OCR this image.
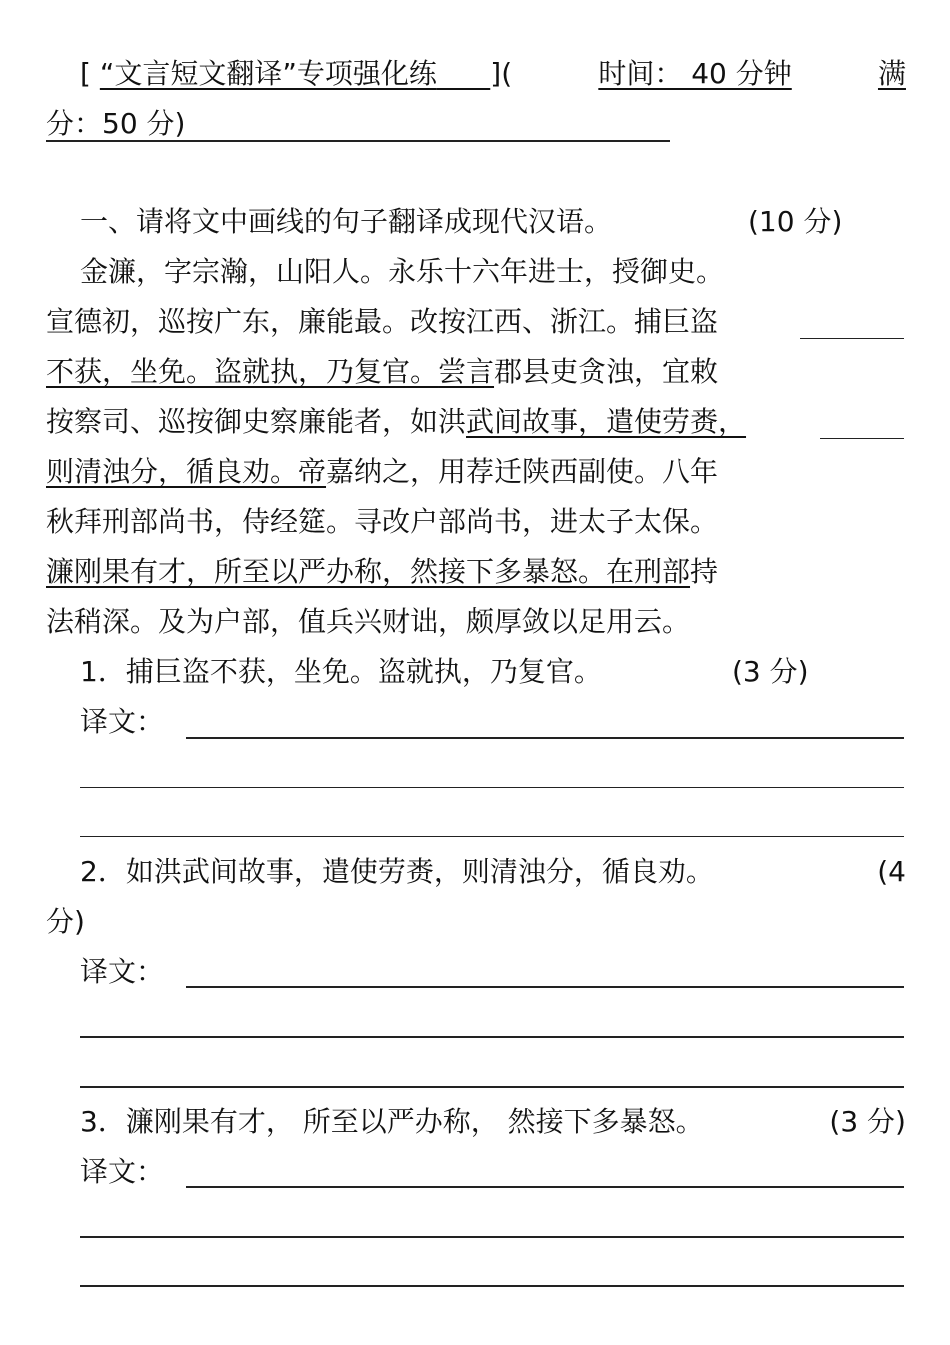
[ “文言短文翻译”专项强化练 ](	时间： 40 分钟	满
分：50 分)
一、请将文中画线的句子翻译成现代汉语。	(10 分)
金濂，字宗瀚，山阳人。永乐十六年进士，授御史。
宣德初，巡按广东，廉能最。改按江西、浙江。捕巨盗
不获，坐免。盗就执，乃复官。尝言郡县吏贪浊，宜敕
按察司、巡按御史察廉能者，如洪武间故事，遣使劳赉，
则清浊分，循良劝。帝嘉纳之，用荐迁陕西副使。八年
秋拜刑部尚书，侍经筵。寻改户部尚书，进太子太保。
濂刚果有才，所至以严办称，然接下多暴怒。在刑部持
法稍深。及为户部，值兵兴财诎，颇厚敛以足用云。
1．捕巨盗不获，坐免。盗就执，乃复官。	(3 分)
译文：
2．如洪武间故事，遣使劳赉，则清浊分，循良劝。	(4
分)
译文：
3．濂刚果有才， 所至以严办称， 然接下多暴怒。	(3 分)
译文：
